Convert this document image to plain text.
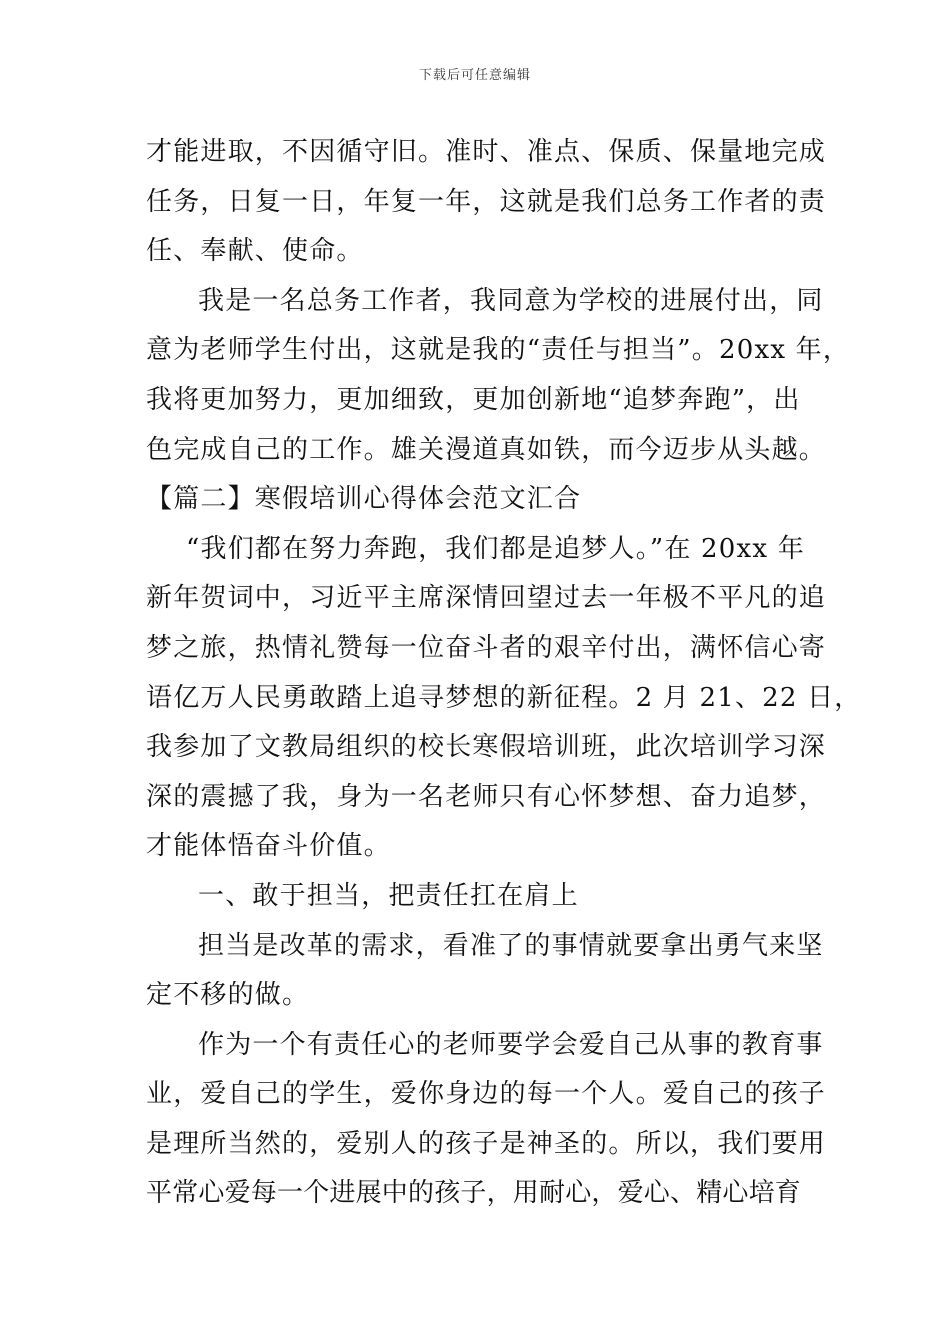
下载后可任意编辑
才能进取，不因循守旧。准时、准点、保质、保量地完成
任务，日复一日，年复一年，这就是我们总务工作者的责
任、奉献、使命。
我是一名总务工作者，我同意为学校的进展付出，同
意为老师学生付出，这就是我的“责任与担当”。20xx 年，
我将更加努力，更加细致，更加创新地“追梦奔跑”，出
色完成自己的工作。雄关漫道真如铁，而今迈步从头越。
【篇二】寒假培训心得体会范文汇合
“我们都在努力奔跑，我们都是追梦人。”在 20xx 年
新年贺词中，习近平主席深情回望过去一年极不平凡的追
梦之旅，热情礼赞每一位奋斗者的艰辛付出，满怀信心寄
语亿万人民勇敢踏上追寻梦想的新征程。2 月 21、22 日，
我参加了文教局组织的校长寒假培训班，此次培训学习深
深的震撼了我，身为一名老师只有心怀梦想、奋力追梦，
才能体悟奋斗价值。
一、敢于担当，把责任扛在肩上
担当是改革的需求，看准了的事情就要拿出勇气来坚
定不移的做。
作为一个有责任心的老师要学会爱自己从事的教育事
业，爱自己的学生，爱你身边的每一个人。爱自己的孩子
是理所当然的，爱别人的孩子是神圣的。所以，我们要用
平常心爱每一个进展中的孩子，用耐心，爱心、精心培育
